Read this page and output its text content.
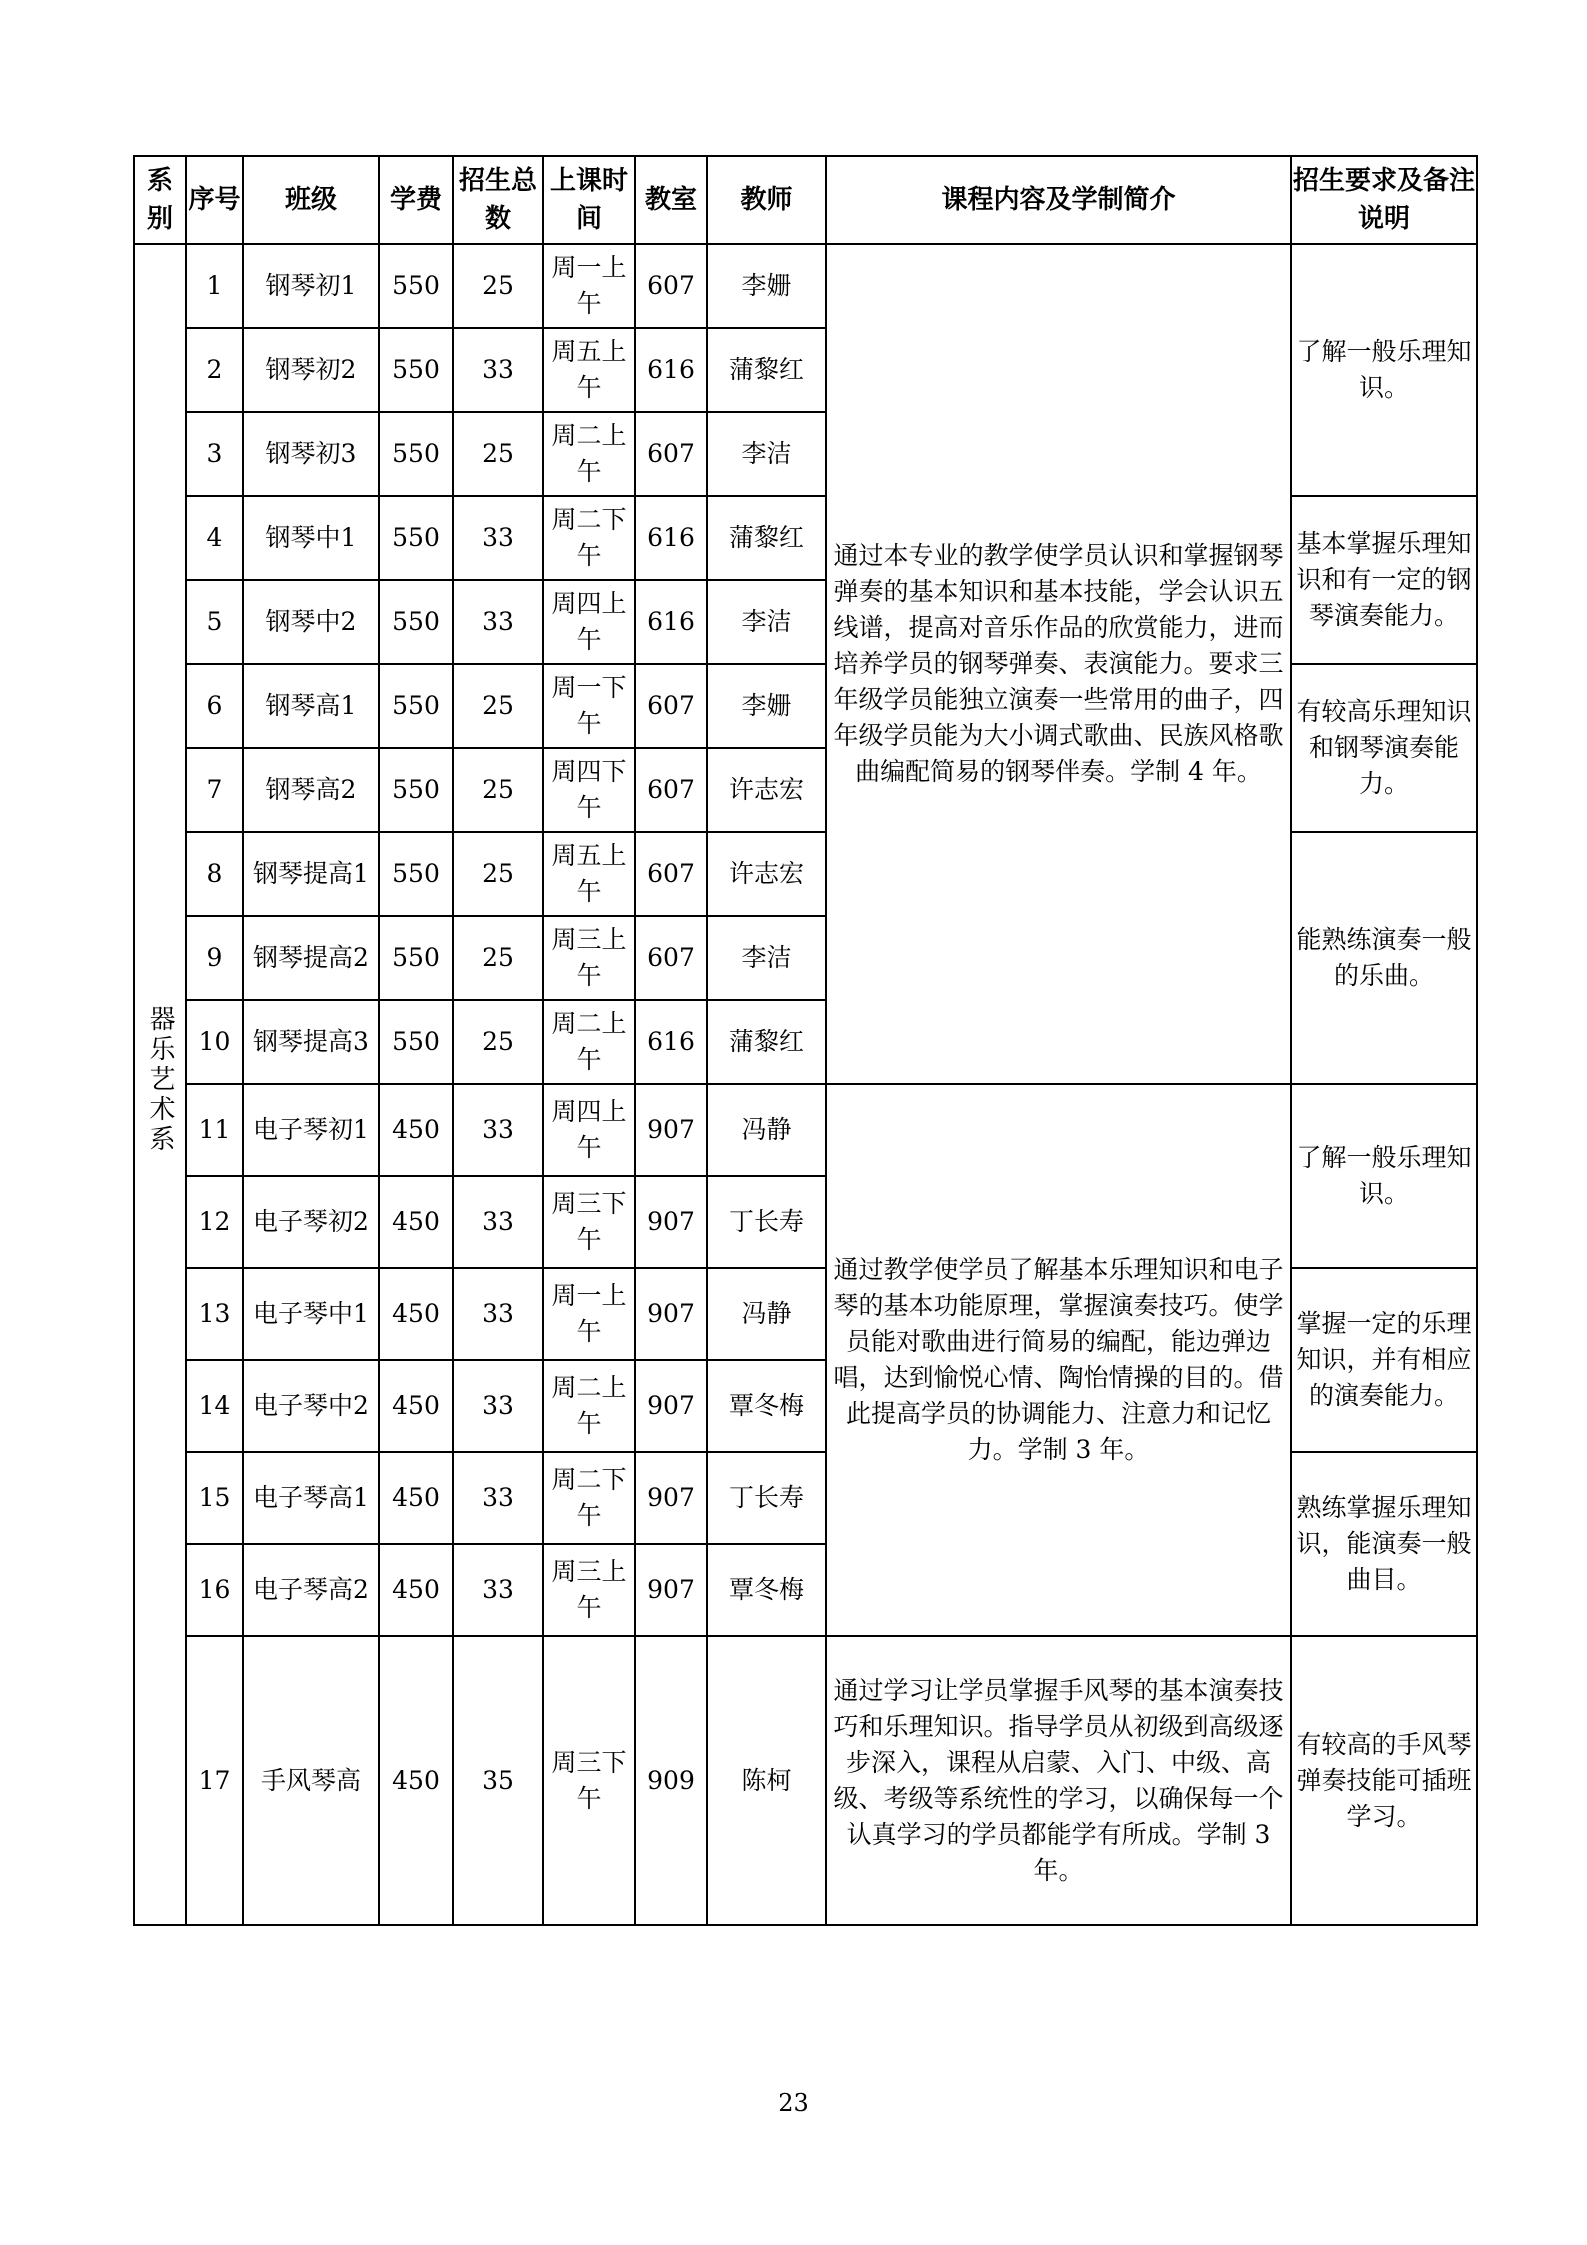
系别	序号	班级	学费	招生总数	上课时间	教室	教师	课程内容及学制简介	招生要求及备注说明
器乐艺术系	1	钢琴初1	550	25	周一上午	607	李姗	通过本专业的教学使学员认识和掌握钢琴弹奏的基本知识和基本技能，学会认识五线谱，提高对音乐作品的欣赏能力，进而培养学员的钢琴弹奏、表演能力。要求三年级学员能独立演奏一些常用的曲子，四年级学员能为大小调式歌曲、民族风格歌曲编配简易的钢琴伴奏。学制 4 年。	了解一般乐理知识。
	2	钢琴初2	550	33	周五上午	616	蒲黎红		
	3	钢琴初3	550	25	周二上午	607	李洁		
	4	钢琴中1	550	33	周二下午	616	蒲黎红		基本掌握乐理知识和有一定的钢琴演奏能力。
	5	钢琴中2	550	33	周四上午	616	李洁		
	6	钢琴高1	550	25	周一下午	607	李姗		有较高乐理知识和钢琴演奏能力。
	7	钢琴高2	550	25	周四下午	607	许志宏		
	8	钢琴提高1	550	25	周五上午	607	许志宏		能熟练演奏一般的乐曲。
	9	钢琴提高2	550	25	周三上午	607	李洁		
	10	钢琴提高3	550	25	周二上午	616	蒲黎红		
	11	电子琴初1	450	33	周四上午	907	冯静	通过教学使学员了解基本乐理知识和电子琴的基本功能原理，掌握演奏技巧。使学员能对歌曲进行简易的编配，能边弹边唱，达到愉悦心情、陶怡情操的目的。借此提高学员的协调能力、注意力和记忆力。学制 3 年。	了解一般乐理知识。
	12	电子琴初2	450	33	周三下午	907	丁长寿		
	13	电子琴中1	450	33	周一上午	907	冯静		掌握一定的乐理知识，并有相应的演奏能力。
	14	电子琴中2	450	33	周二上午	907	覃冬梅		
	15	电子琴高1	450	33	周二下午	907	丁长寿		熟练掌握乐理知识，能演奏一般曲目。
	16	电子琴高2	450	33	周三上午	907	覃冬梅		
	17	手风琴高	450	35	周三下午	909	陈柯	通过学习让学员掌握手风琴的基本演奏技巧和乐理知识。指导学员从初级到高级逐步深入，课程从启蒙、入门、中级、高级、考级等系统性的学习，以确保每一个认真学习的学员都能学有所成。学制 3 年。	有较高的手风琴弹奏技能可插班学习。
23
